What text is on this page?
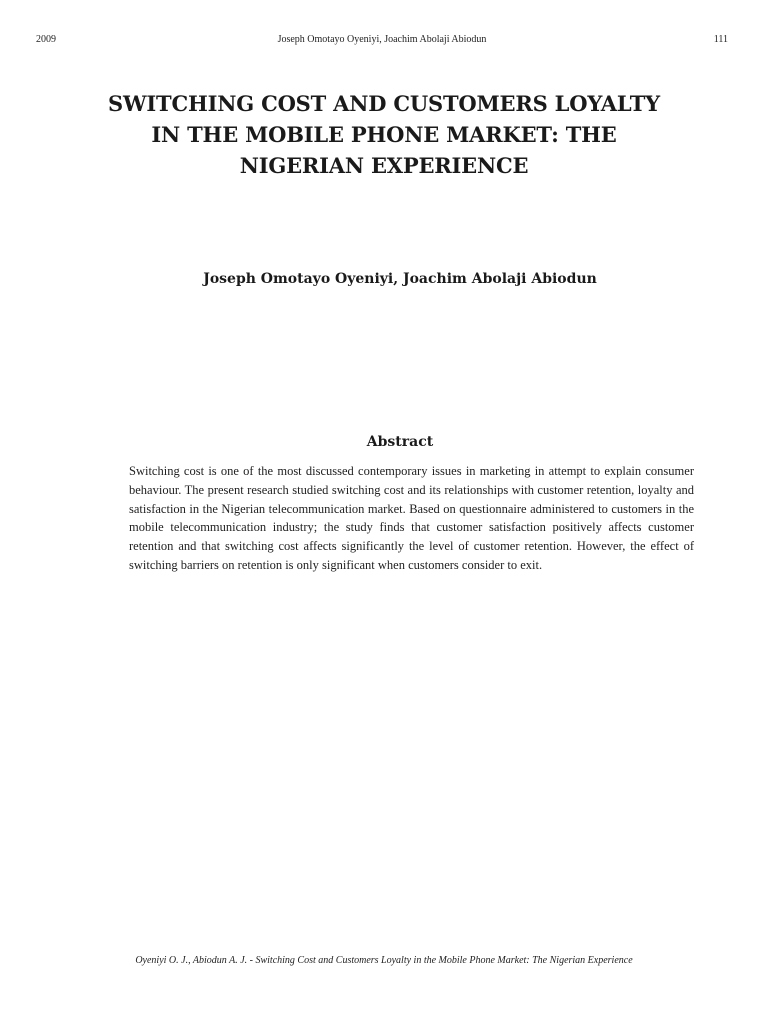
2009	Joseph Omotayo Oyeniyi, Joachim Abolaji Abiodun	111
SWITCHING COST AND CUSTOMERS LOYALTY IN THE MOBILE PHONE MARKET: THE NIGERIAN EXPERIENCE
Joseph Omotayo Oyeniyi, Joachim Abolaji Abiodun
Abstract

Switching cost is one of the most discussed contemporary issues in marketing in attempt to explain consumer behaviour. The present research studied switching cost and its relationships with customer retention, loyalty and satisfaction in the Nigerian telecommunication market. Based on questionnaire administered to customers in the mobile telecommunication industry; the study finds that customer satisfaction positively affects customer retention and that switching cost affects significantly the level of customer retention. However, the effect of switching barriers on retention is only significant when customers consider to exit.

Oyeniyi O. J., Abiodun A. J. - Switching Cost and Customers Loyalty in the Mobile Phone Market: The Nigerian Experience
